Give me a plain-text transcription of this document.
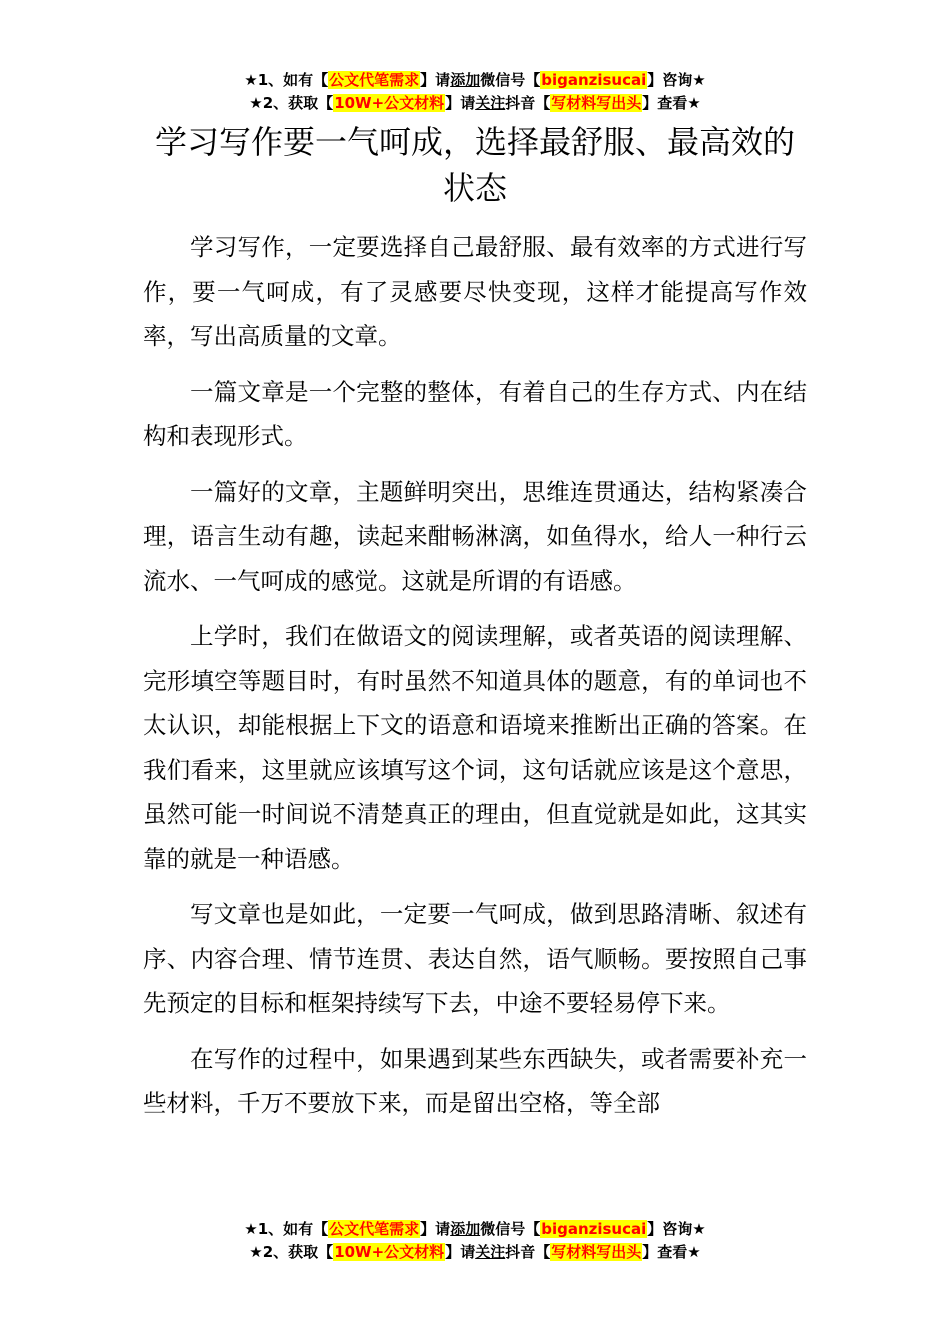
★1、如有【公文代笔需求】请添加微信号【biganzisucai】咨询★
★2、获取【10W+公文材料】请关注抖音【写材料写出头】查看★
学习写作要一气呵成，选择最舒服、最高效的状态

学习写作，一定要选择自己最舒服、最有效率的方式进行写作，要一气呵成，有了灵感要尽快变现，这样才能提高写作效率，写出高质量的文章。

一篇文章是一个完整的整体，有着自己的生存方式、内在结构和表现形式。

一篇好的文章，主题鲜明突出，思维连贯通达，结构紧凑合理，语言生动有趣，读起来酣畅淋漓，如鱼得水，给人一种行云流水、一气呵成的感觉。这就是所谓的有语感。

上学时，我们在做语文的阅读理解，或者英语的阅读理解、完形填空等题目时，有时虽然不知道具体的题意，有的单词也不太认识，却能根据上下文的语意和语境来推断出正确的答案。在我们看来，这里就应该填写这个词，这句话就应该是这个意思，虽然可能一时间说不清楚真正的理由，但直觉就是如此，这其实靠的就是一种语感。

写文章也是如此，一定要一气呵成，做到思路清晰、叙述有序、内容合理、情节连贯、表达自然，语气顺畅。要按照自己事先预定的目标和框架持续写下去，中途不要轻易停下来。

在写作的过程中，如果遇到某些东西缺失，或者需要补充一些材料，千万不要放下来，而是留出空格，等全部

★1、如有【公文代笔需求】请添加微信号【biganzisucai】咨询★
★2、获取【10W+公文材料】请关注抖音【写材料写出头】查看★
